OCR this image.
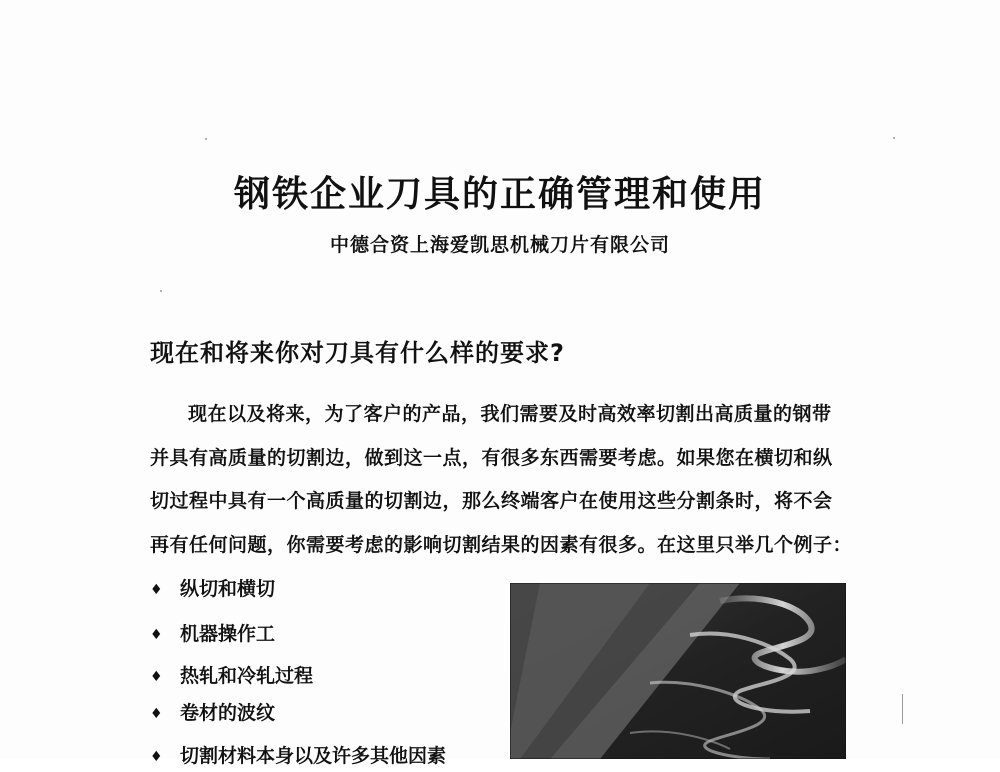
钢铁企业刀具的正确管理和使用
中德合资上海爱凯思机械刀片有限公司
现在和将来你对刀具有什么样的要求?
现在以及将来，为了客户的产品，我们需要及时高效率切割出高质量的钢带
并具有高质量的切割边，做到这一点，有很多东西需要考虑。如果您在横切和纵
切过程中具有一个高质量的切割边，那么终端客户在使用这些分割条时，将不会
再有任何问题，你需要考虑的影响切割结果的因素有很多。在这里只举几个例子：
♦ 纵切和横切
♦ 机器操作工
♦ 热轧和冷轧过程
♦ 卷材的波纹
♦ 切割材料本身以及许多其他因素
